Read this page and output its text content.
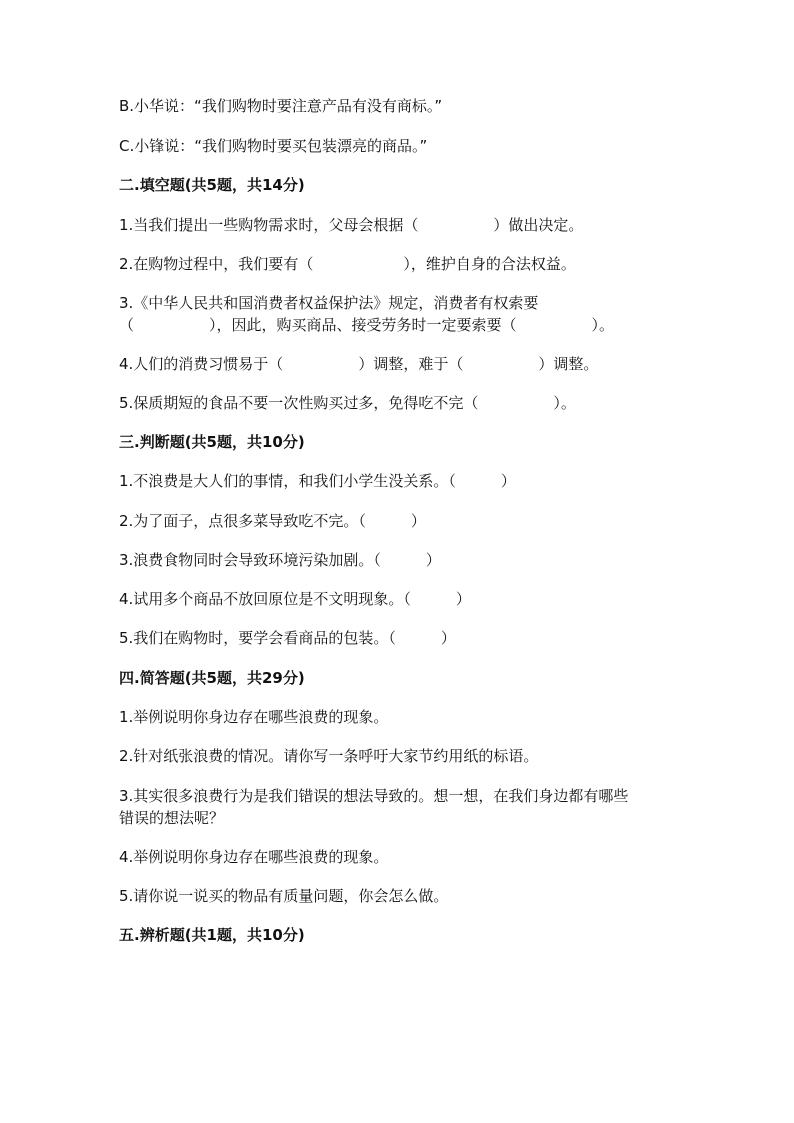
B.小华说：“我们购物时要注意产品有没有商标。”
C.小锋说：“我们购物时要买包装漂亮的商品。”
二.填空题(共5题，共14分)
1.当我们提出一些购物需求时，父母会根据（　　　　　）做出决定。
2.在购物过程中，我们要有（　　　　　　），维护自身的合法权益。
3.《中华人民共和国消费者权益保护法》规定，消费者有权索要
（　　　　　），因此，购买商品、接受劳务时一定要索要（　　　　　）。
4.人们的消费习惯易于（　　　　　）调整，难于（　　　　　）调整。
5.保质期短的食品不要一次性购买过多，免得吃不完（　　　　　）。
三.判断题(共5题，共10分)
1.不浪费是大人们的事情，和我们小学生没关系。（　　　）
2.为了面子，点很多菜导致吃不完。（　　　）
3.浪费食物同时会导致环境污染加剧。（　　　）
4.试用多个商品不放回原位是不文明现象。（　　　）
5.我们在购物时，要学会看商品的包装。（　　　）
四.简答题(共5题，共29分)
1.举例说明你身边存在哪些浪费的现象。
2.针对纸张浪费的情况。请你写一条呼吁大家节约用纸的标语。
3.其实很多浪费行为是我们错误的想法导致的。想一想，在我们身边都有哪些
错误的想法呢？
4.举例说明你身边存在哪些浪费的现象。
5.请你说一说买的物品有质量问题，你会怎么做。
五.辨析题(共1题，共10分)
